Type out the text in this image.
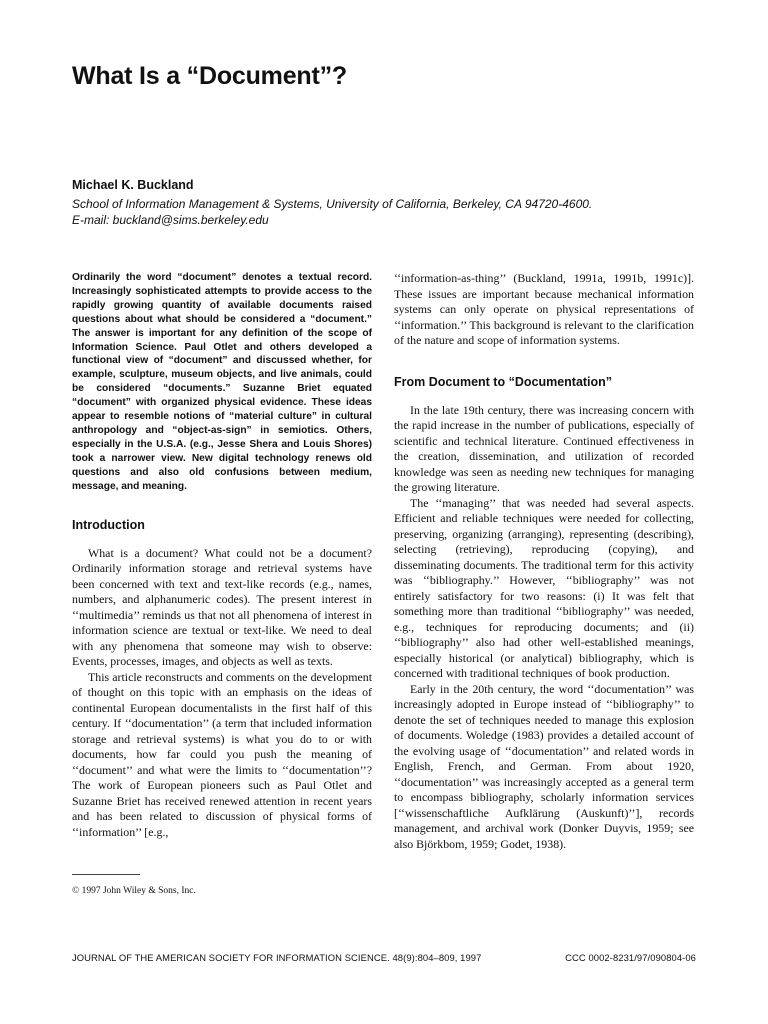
What Is a “Document”?
Michael K. Buckland
School of Information Management & Systems, University of California, Berkeley, CA 94720-4600.
E-mail: buckland@sims.berkeley.edu

Ordinarily the word “document” denotes a textual record. Increasingly sophisticated attempts to provide access to the rapidly growing quantity of available documents raised questions about what should be considered a “document.” The answer is important for any definition of the scope of Information Science. Paul Otlet and others developed a functional view of “document” and discussed whether, for example, sculpture, museum objects, and live animals, could be considered “documents.” Suzanne Briet equated “document” with organized physical evidence. These ideas appear to resemble notions of “material culture” in cultural anthropology and “object-as-sign” in semiotics. Others, especially in the U.S.A. (e.g., Jesse Shera and Louis Shores) took a narrower view. New digital technology renews old questions and also old confusions between medium, message, and meaning.

Introduction

What is a document? What could not be a document? Ordinarily information storage and retrieval systems have been concerned with text and text-like records (e.g., names, numbers, and alphanumeric codes). The present interest in ‘‘multimedia’’ reminds us that not all phenomena of interest in information science are textual or text-like. We need to deal with any phenomena that someone may wish to observe: Events, processes, images, and objects as well as texts.

This article reconstructs and comments on the development of thought on this topic with an emphasis on the ideas of continental European documentalists in the first half of this century. If ‘‘documentation’’ (a term that included information storage and retrieval systems) is what you do to or with documents, how far could you push the meaning of ‘‘document’’ and what were the limits to ‘‘documentation’’? The work of European pioneers such as Paul Otlet and Suzanne Briet has received renewed attention in recent years and has been related to discussion of physical forms of ‘‘information’’ [e.g.,

‘‘information-as-thing’’ (Buckland, 1991a, 1991b, 1991c)]. These issues are important because mechanical information systems can only operate on physical representations of ‘‘information.’’ This background is relevant to the clarification of the nature and scope of information systems.

From Document to “Documentation”

In the late 19th century, there was increasing concern with the rapid increase in the number of publications, especially of scientific and technical literature. Continued effectiveness in the creation, dissemination, and utilization of recorded knowledge was seen as needing new techniques for managing the growing literature.

The ‘‘managing’’ that was needed had several aspects. Efficient and reliable techniques were needed for collecting, preserving, organizing (arranging), representing (describing), selecting (retrieving), reproducing (copying), and disseminating documents. The traditional term for this activity was ‘‘bibliography.’’ However, ‘‘bibliography’’ was not entirely satisfactory for two reasons: (i) It was felt that something more than traditional ‘‘bibliography’’ was needed, e.g., techniques for reproducing documents; and (ii) ‘‘bibliography’’ also had other well-established meanings, especially historical (or analytical) bibliography, which is concerned with traditional techniques of book production.

Early in the 20th century, the word ‘‘documentation’’ was increasingly adopted in Europe instead of ‘‘bibliography’’ to denote the set of techniques needed to manage this explosion of documents. Woledge (1983) provides a detailed account of the evolving usage of ‘‘documentation’’ and related words in English, French, and German. From about 1920, ‘‘documentation’’ was increasingly accepted as a general term to encompass bibliography, scholarly information services [‘‘wissenschaftliche Aufklärung (Auskunft)’’], records management, and archival work (Donker Duyvis, 1959; see also Björkbom, 1959; Godet, 1938).

© 1997 John Wiley & Sons, Inc.
JOURNAL OF THE AMERICAN SOCIETY FOR INFORMATION SCIENCE. 48(9):804–809, 1997	CCC 0002-8231/97/090804-06
